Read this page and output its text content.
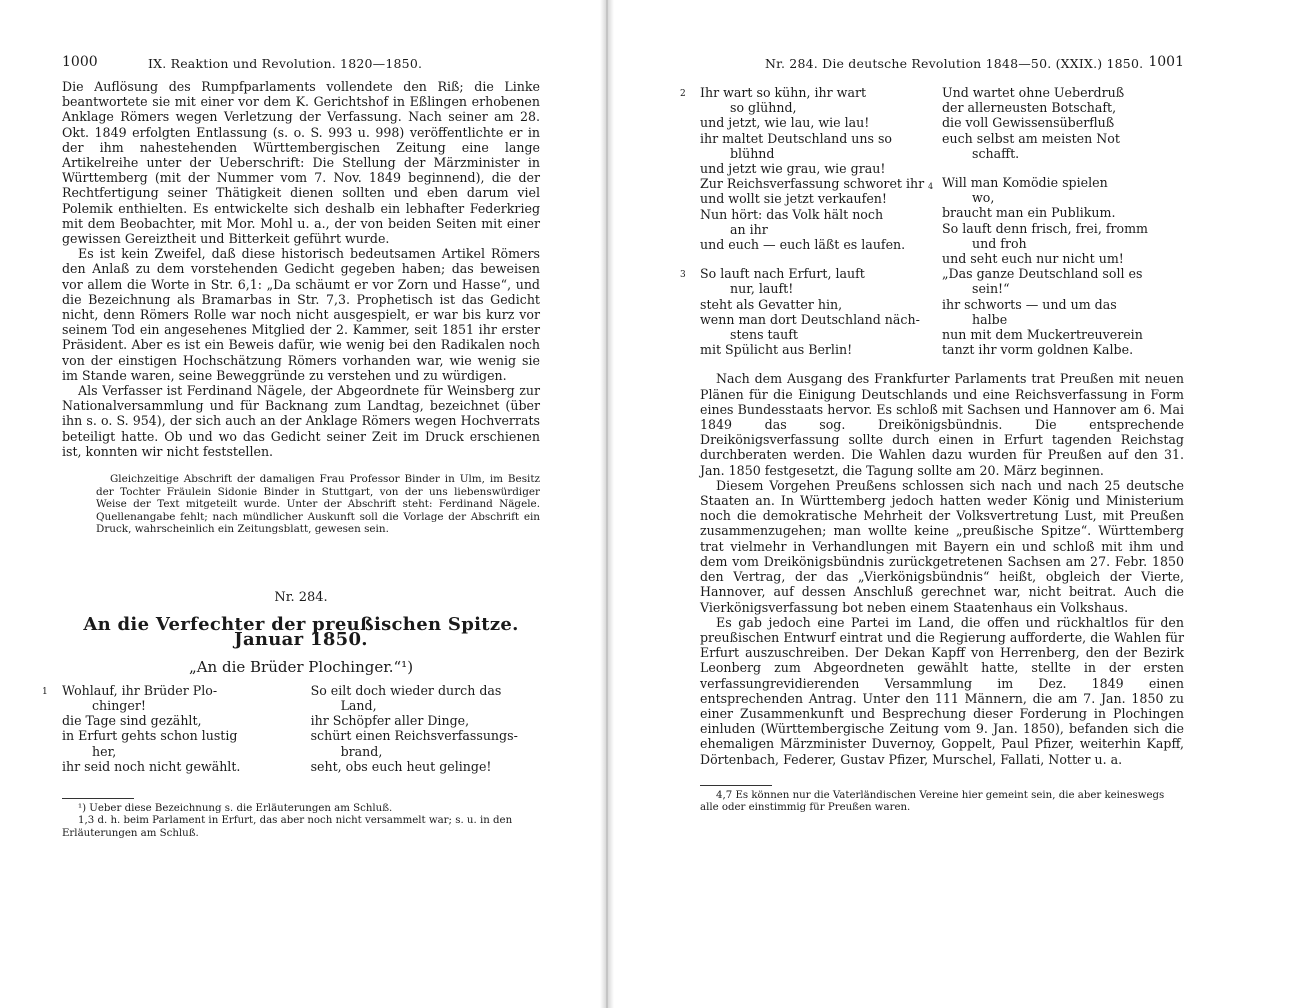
1000	IX. Reaktion und Revolution. 1820—1850.

Die Auflösung des Rumpfparlaments vollendete den Riß; die Linke beantwortete sie mit einer vor dem K. Gerichtshof in Eßlingen erhobenen Anklage Römers wegen Verletzung der Verfassung. Nach seiner am 28. Okt. 1849 erfolgten Entlassung (s. o. S. 993 u. 998) veröffentlichte er in der ihm nahestehenden Württembergischen Zeitung eine lange Artikelreihe unter der Ueberschrift: Die Stellung der Märzminister in Württemberg (mit der Nummer vom 7. Nov. 1849 beginnend), die der Rechtfertigung seiner Thätigkeit dienen sollten und eben darum viel Polemik enthielten. Es entwickelte sich deshalb ein lebhafter Federkrieg mit dem Beobachter, mit Mor. Mohl u. a., der von beiden Seiten mit einer gewissen Gereiztheit und Bitterkeit geführt wurde.

Es ist kein Zweifel, daß diese historisch bedeutsamen Artikel Römers den Anlaß zu dem vorstehenden Gedicht gegeben haben; das beweisen vor allem die Worte in Str. 6,1: „Da schäumt er vor Zorn und Hasse“, und die Bezeichnung als Bramarbas in Str. 7,3. Prophetisch ist das Gedicht nicht, denn Römers Rolle war noch nicht ausgespielt, er war bis kurz vor seinem Tod ein angesehenes Mitglied der 2. Kammer, seit 1851 ihr erster Präsident. Aber es ist ein Beweis dafür, wie wenig bei den Radikalen noch von der einstigen Hochschätzung Römers vorhanden war, wie wenig sie im Stande waren, seine Beweggründe zu verstehen und zu würdigen.

Als Verfasser ist Ferdinand Nägele, der Abgeordnete für Weinsberg zur Nationalversammlung und für Backnang zum Landtag, bezeichnet (über ihn s. o. S. 954), der sich auch an der Anklage Römers wegen Hochverrats beteiligt hatte. Ob und wo das Gedicht seiner Zeit im Druck erschienen ist, konnten wir nicht feststellen.

Gleichzeitige Abschrift der damaligen Frau Professor Binder in Ulm, im Besitz der Tochter Fräulein Sidonie Binder in Stuttgart, von der uns liebenswürdiger Weise der Text mitgeteilt wurde. Unter der Abschrift steht: Ferdinand Nägele. Quellenangabe fehlt; nach mündlicher Auskunft soll die Vorlage der Abschrift ein Druck, wahrscheinlich ein Zeitungsblatt, gewesen sein.

Nr. 284.
An die Verfechter der preußischen Spitze. Januar 1850.
„An die Brüder Plochinger.“¹)
1 Wohlauf, ihr Brüder Plo-
chinger!
die Tage sind gezählt,
in Erfurt gehts schon lustig
her,
ihr seid noch nicht gewählt.
So eilt doch wieder durch das
Land,
ihr Schöpfer aller Dinge,
schürt einen Reichsverfassungs-
brand,
seht, obs euch heut gelinge!

¹) Ueber diese Bezeichnung s. die Erläuterungen am Schluß.

1,3 d. h. beim Parlament in Erfurt, das aber noch nicht versammelt war; s. u. in den Erläuterungen am Schluß.

Nr. 284. Die deutsche Revolution 1848—50. (XXIX.) 1850. 1001
2 Ihr wart so kühn, ihr wart
so glühnd,
und jetzt, wie lau, wie lau!
ihr maltet Deutschland uns so
blühnd
und jetzt wie grau, wie grau!
Zur Reichsverfassung schworet ihr
und wollt sie jetzt verkaufen!
Nun hört: das Volk hält noch
an ihr
und euch — euch läßt es laufen.
3 So lauft nach Erfurt, lauft
nur, lauft!
steht als Gevatter hin,
wenn man dort Deutschland näch-
stens tauft
mit Spülicht aus Berlin!
Und wartet ohne Ueberdruß
der allerneusten Botschaft,
die voll Gewissensüberfluß
euch selbst am meisten Not
schafft.
4 Will man Komödie spielen
wo,
braucht man ein Publikum.
So lauft denn frisch, frei, fromm
und froh
und seht euch nur nicht um!
„Das ganze Deutschland soll es
sein!“
ihr schworts — und um das
halbe
nun mit dem Muckertreuverein
tanzt ihr vorm goldnen Kalbe.

Nach dem Ausgang des Frankfurter Parlaments trat Preußen mit neuen Plänen für die Einigung Deutschlands und eine Reichsverfassung in Form eines Bundesstaats hervor. Es schloß mit Sachsen und Hannover am 6. Mai 1849 das sog. Dreikönigsbündnis. Die entsprechende Dreikönigsverfassung sollte durch einen in Erfurt tagenden Reichstag durchberaten werden. Die Wahlen dazu wurden für Preußen auf den 31. Jan. 1850 festgesetzt, die Tagung sollte am 20. März beginnen.

Diesem Vorgehen Preußens schlossen sich nach und nach 25 deutsche Staaten an. In Württemberg jedoch hatten weder König und Ministerium noch die demokratische Mehrheit der Volksvertretung Lust, mit Preußen zusammenzugehen; man wollte keine „preußische Spitze“. Württemberg trat vielmehr in Verhandlungen mit Bayern ein und schloß mit ihm und dem vom Dreikönigsbündnis zurückgetretenen Sachsen am 27. Febr. 1850 den Vertrag, der das „Vierkönigsbündnis“ heißt, obgleich der Vierte, Hannover, auf dessen Anschluß gerechnet war, nicht beitrat. Auch die Vierkönigsverfassung bot neben einem Staatenhaus ein Volkshaus.

Es gab jedoch eine Partei im Land, die offen und rückhaltlos für den preußischen Entwurf eintrat und die Regierung aufforderte, die Wahlen für Erfurt auszuschreiben. Der Dekan Kapff von Herrenberg, den der Bezirk Leonberg zum Abgeordneten gewählt hatte, stellte in der ersten verfassungrevidierenden Versammlung im Dez. 1849 einen entsprechenden Antrag. Unter den 111 Männern, die am 7. Jan. 1850 zu einer Zusammenkunft und Besprechung dieser Forderung in Plochingen einluden (Württembergische Zeitung vom 9. Jan. 1850), befanden sich die ehemaligen Märzminister Duvernoy, Goppelt, Paul Pfizer, weiterhin Kapff, Dörtenbach, Federer, Gustav Pfizer, Murschel, Fallati, Notter u. a.

4,7 Es können nur die Vaterländischen Vereine hier gemeint sein, die aber keineswegs alle oder einstimmig für Preußen waren.
